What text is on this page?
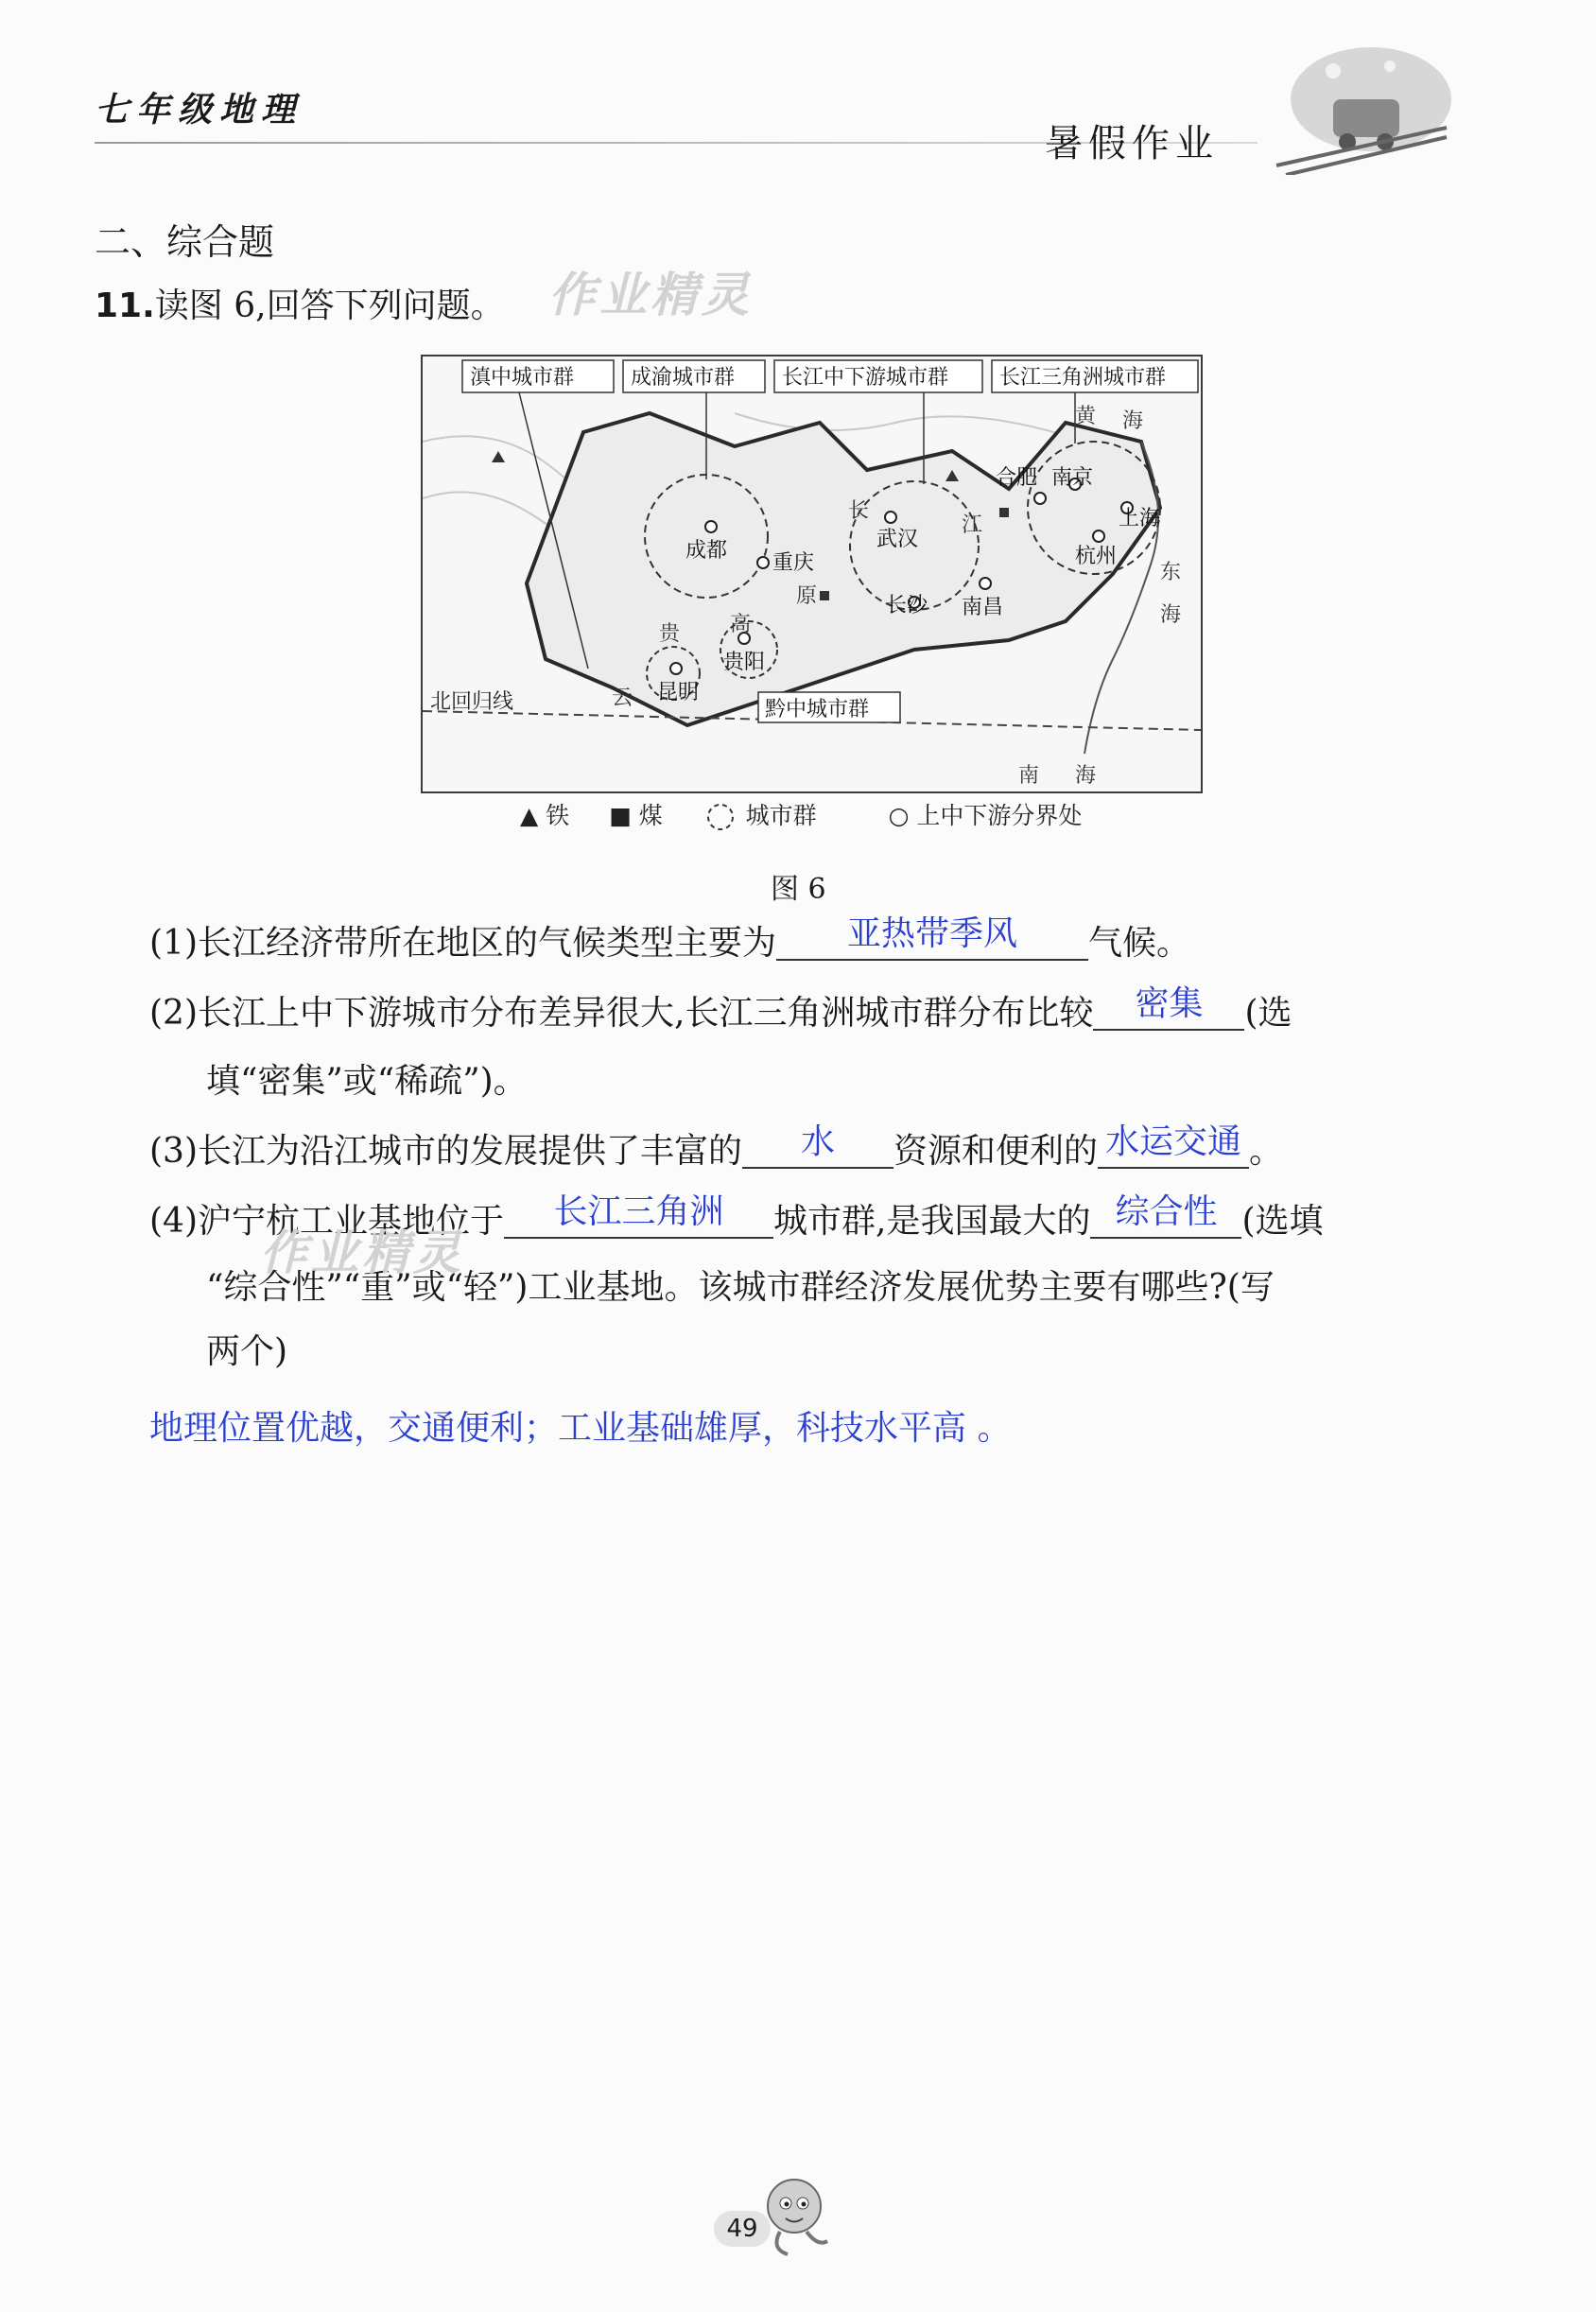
七年级地理
暑假作业
二、综合题
11.读图 6,回答下列问题。 作业精灵
滇中城市群	成渝城市群 长江中下游城市群 长江三角洲城市群
黔中城市群
成都
重庆
贵阳
昆明
武汉
长沙 南昌
合肥 南京
上海
杭州
长
江
原
高
云
贵
黄 海
东
海
南 海
北回归线
▲ 铁 ■ 煤	城市群	○ 上中下游分界处
图 6
(1)长江经济带所在地区的气候类型主要为	亚热带季风	气候。
(2)长江上中下游城市分布差异很大,长江三角洲城市群分布比较	密集	(选
填“密集”或“稀疏”)。
(3)长江为沿江城市的发展提供了丰富的	水	资源和便利的 水运交通 。
(4)沪宁杭工业基地位于	长江三角洲	城市群,是我国最大的 综合性 (选填
“综合性”“重”或“轻”)工业基地。该城市群经济发展优势主要有哪些?(写
两个)
作业精灵
地理位置优越，交通便利；工业基础雄厚，科技水平高 。
49
